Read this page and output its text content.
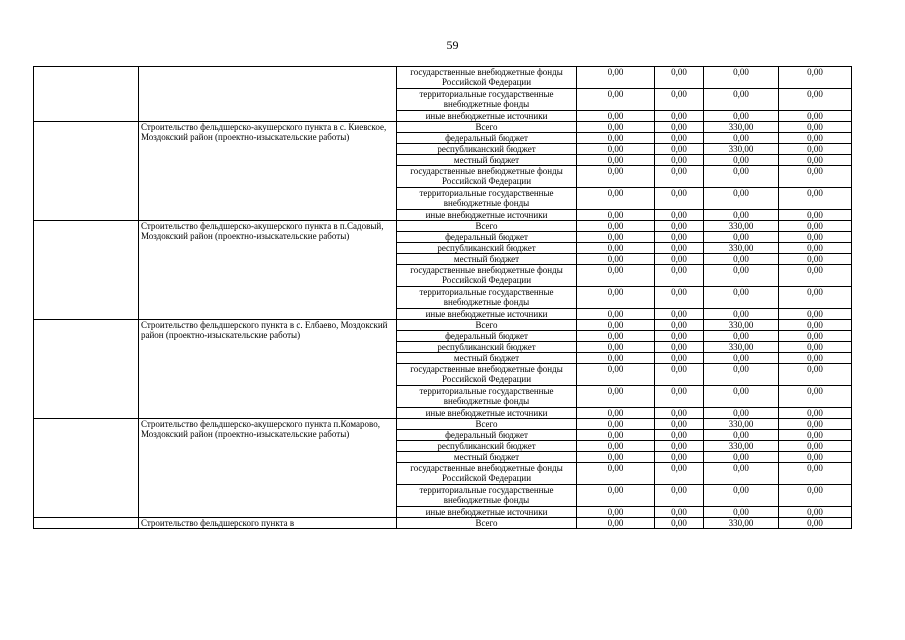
59
		государственные внебюджетные фонды Российской Федерации	0,00	0,00	0,00	0,00
		территориальные государственные внебюджетные фонды	0,00	0,00	0,00	0,00
		иные внебюджетные источники	0,00	0,00	0,00	0,00
	Строительство фельдшерско-акушерского пункта в с. Киевское, Моздокский район (проектно-изыскательские работы)	Всего	0,00	0,00	330,00	0,00
		федеральный бюджет	0,00	0,00	0,00	0,00
		республиканский бюджет	0,00	0,00	330,00	0,00
		местный бюджет	0,00	0,00	0,00	0,00
		государственные внебюджетные фонды Российской Федерации	0,00	0,00	0,00	0,00
		территориальные государственные внебюджетные фонды	0,00	0,00	0,00	0,00
		иные внебюджетные источники	0,00	0,00	0,00	0,00
	Строительство фельдшерско-акушерского пункта в п.Садовый, Моздокский район (проектно-изыскательские работы)	Всего	0,00	0,00	330,00	0,00
		федеральный бюджет	0,00	0,00	0,00	0,00
		республиканский бюджет	0,00	0,00	330,00	0,00
		местный бюджет	0,00	0,00	0,00	0,00
		государственные внебюджетные фонды Российской Федерации	0,00	0,00	0,00	0,00
		территориальные государственные внебюджетные фонды	0,00	0,00	0,00	0,00
		иные внебюджетные источники	0,00	0,00	0,00	0,00
	Строительство фельдшерского пункта в с. Елбаево, Моздокский район (проектно-изыскательские работы)	Всего	0,00	0,00	330,00	0,00
		федеральный бюджет	0,00	0,00	0,00	0,00
		республиканский бюджет	0,00	0,00	330,00	0,00
		местный бюджет	0,00	0,00	0,00	0,00
		государственные внебюджетные фонды Российской Федерации	0,00	0,00	0,00	0,00
		территориальные государственные внебюджетные фонды	0,00	0,00	0,00	0,00
		иные внебюджетные источники	0,00	0,00	0,00	0,00
	Строительство фельдшерско-акушерского пункта п.Комарово, Моздокский район (проектно-изыскательские работы)	Всего	0,00	0,00	330,00	0,00
		федеральный бюджет	0,00	0,00	0,00	0,00
		республиканский бюджет	0,00	0,00	330,00	0,00
		местный бюджет	0,00	0,00	0,00	0,00
		государственные внебюджетные фонды Российской Федерации	0,00	0,00	0,00	0,00
		территориальные государственные внебюджетные фонды	0,00	0,00	0,00	0,00
		иные внебюджетные источники	0,00	0,00	0,00	0,00
	Строительство фельдшерского пункта в	Всего	0,00	0,00	330,00	0,00
